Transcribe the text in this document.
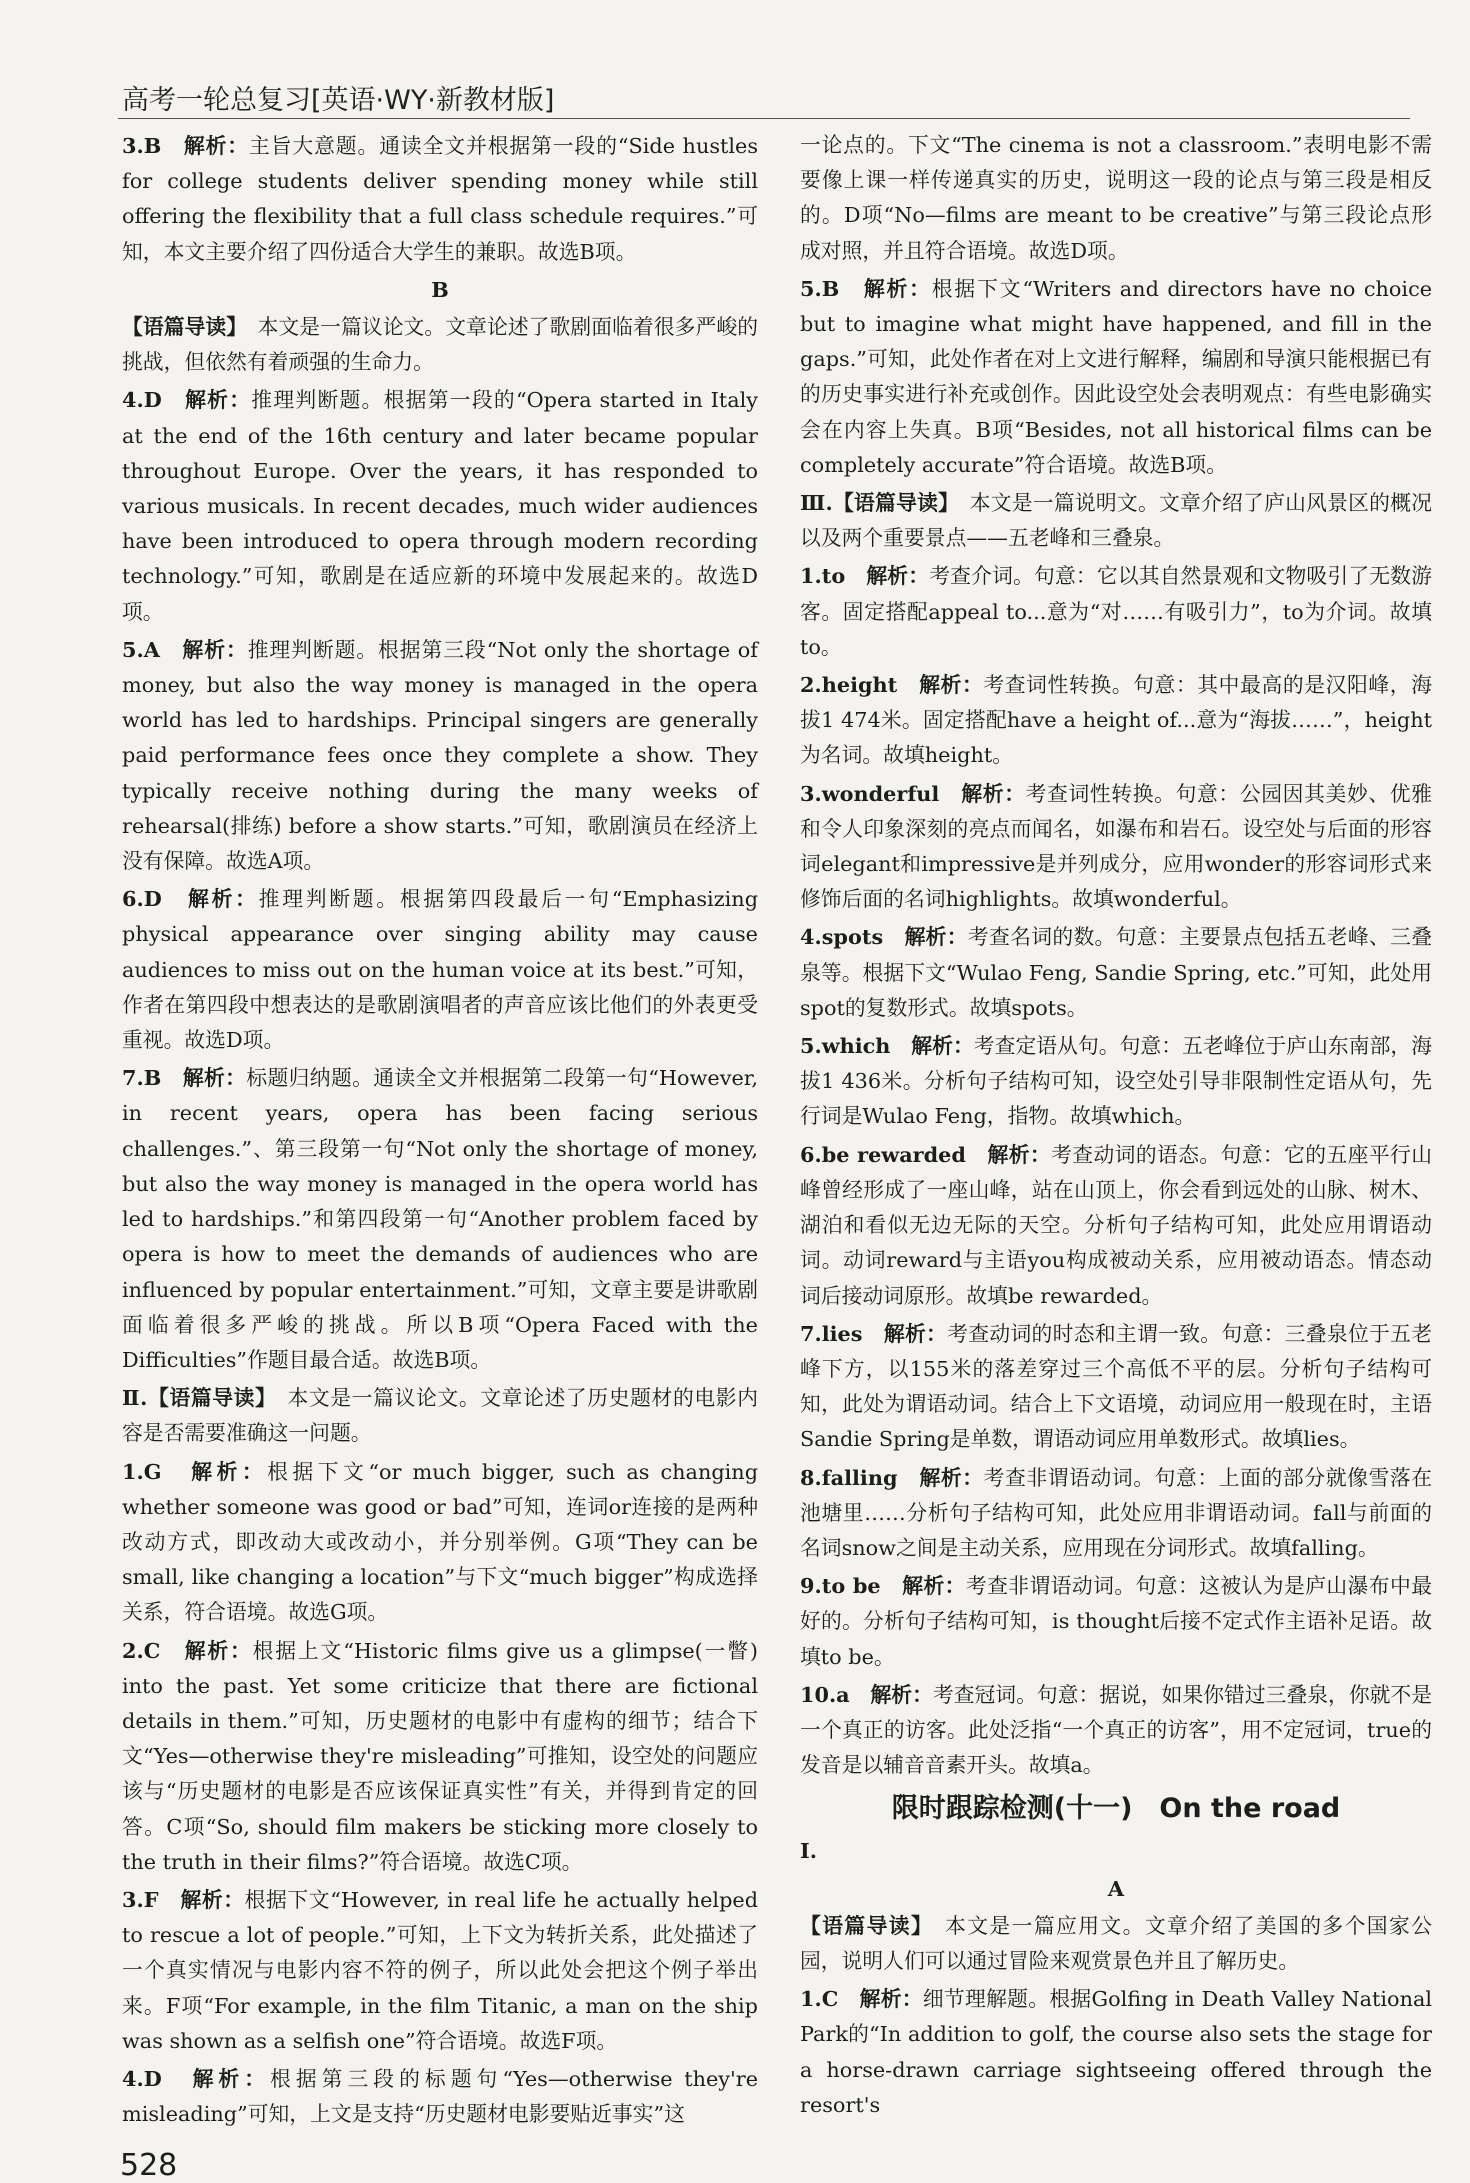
高考一轮总复习[英语·WY·新教材版]
3.B　 解析：主旨大意题。通读全文并根据第一段的“Side hustles for college students deliver spending money while still offering the flexibility that a full class schedule requires.”可知，本文主要介绍了四份适合大学生的兼职。故选B项。
B
【语篇导读】　 本文是一篇议论文。文章论述了歌剧面临着很多严峻的挑战，但依然有着顽强的生命力。
4.D　 解析：推理判断题。根据第一段的“Opera started in Italy at the end of the 16th century and later became popular throughout Europe. Over the years, it has responded to various musicals. In recent decades, much wider audiences have been introduced to opera through modern recording technology.”可知，歌剧是在适应新的环境中发展起来的。故选D项。
5.A　 解析：推理判断题。根据第三段“Not only the shortage of money, but also the way money is managed in the opera world has led to hardships. Principal singers are generally paid performance fees once they complete a show. They typically receive nothing during the many weeks of rehearsal(排练) before a show starts.”可知，歌剧演员在经济上没有保障。故选A项。
6.D　 解析：推理判断题。根据第四段最后一句“Emphasizing physical appearance over singing ability may cause audiences to miss out on the human voice at its best.”可知，作者在第四段中想表达的是歌剧演唱者的声音应该比他们的外表更受重视。故选D项。
7.B　 解析：标题归纳题。通读全文并根据第二段第一句“However, in recent years, opera has been facing serious challenges.”、第三段第一句“Not only the shortage of money, but also the way money is managed in the opera world has led to hardships.”和第四段第一句“Another problem faced by opera is how to meet the demands of audiences who are influenced by popular entertainment.”可知，文章主要是讲歌剧面临着很多严峻的挑战。所以B项“Opera Faced with the Difficulties”作题目最合适。故选B项。
Ⅱ.【语篇导读】　 本文是一篇议论文。文章论述了历史题材的电影内容是否需要准确这一问题。
1.G　 解析：根据下文“or much bigger, such as changing whether someone was good or bad”可知，连词or连接的是两种改动方式，即改动大或改动小，并分别举例。G项“They can be small, like changing a location”与下文“much bigger”构成选择关系，符合语境。故选G项。
2.C　 解析：根据上文“Historic films give us a glimpse(一瞥) into the past. Yet some criticize that there are fictional details in them.”可知，历史题材的电影中有虚构的细节；结合下文“Yes—otherwise they're misleading”可推知，设空处的问题应该与“历史题材的电影是否应该保证真实性”有关，并得到肯定的回答。C项“So, should film makers be sticking more closely to the truth in their films?”符合语境。故选C项。
3.F　 解析：根据下文“However, in real life he actually helped to rescue a lot of people.”可知，上下文为转折关系，此处描述了一个真实情况与电影内容不符的例子，所以此处会把这个例子举出来。F项“For example, in the film Titanic, a man on the ship was shown as a selfish one”符合语境。故选F项。
4.D　 解析：根据第三段的标题句“Yes—otherwise they're misleading”可知，上文是支持“历史题材电影要贴近事实”这
一论点的。下文“The cinema is not a classroom.”表明电影不需要像上课一样传递真实的历史，说明这一段的论点与第三段是相反的。D项“No—films are meant to be creative”与第三段论点形成对照，并且符合语境。故选D项。
5.B　 解析：根据下文“Writers and directors have no choice but to imagine what might have happened, and fill in the gaps.”可知，此处作者在对上文进行解释，编剧和导演只能根据已有的历史事实进行补充或创作。因此设空处会表明观点：有些电影确实会在内容上失真。B项“Besides, not all historical films can be completely accurate”符合语境。故选B项。
Ⅲ.【语篇导读】　 本文是一篇说明文。文章介绍了庐山风景区的概况以及两个重要景点——五老峰和三叠泉。
1.to　 解析：考查介词。句意：它以其自然景观和文物吸引了无数游客。固定搭配appeal to...意为“对……有吸引力”，to为介词。故填to。
2.height　 解析：考查词性转换。句意：其中最高的是汉阳峰，海拔1 474米。固定搭配have a height of...意为“海拔……”，height为名词。故填height。
3.wonderful　 解析：考查词性转换。句意：公园因其美妙、优雅和令人印象深刻的亮点而闻名，如瀑布和岩石。设空处与后面的形容词elegant和impressive是并列成分，应用wonder的形容词形式来修饰后面的名词highlights。故填wonderful。
4.spots　 解析：考查名词的数。句意：主要景点包括五老峰、三叠泉等。根据下文“Wulao Feng, Sandie Spring, etc.”可知，此处用spot的复数形式。故填spots。
5.which　 解析：考查定语从句。句意：五老峰位于庐山东南部，海拔1 436米。分析句子结构可知，设空处引导非限制性定语从句，先行词是Wulao Feng，指物。故填which。
6.be rewarded　 解析：考查动词的语态。句意：它的五座平行山峰曾经形成了一座山峰，站在山顶上，你会看到远处的山脉、树木、湖泊和看似无边无际的天空。分析句子结构可知，此处应用谓语动词。动词reward与主语you构成被动关系，应用被动语态。情态动词后接动词原形。故填be rewarded。
7.lies　 解析：考查动词的时态和主谓一致。句意：三叠泉位于五老峰下方，以155米的落差穿过三个高低不平的层。分析句子结构可知，此处为谓语动词。结合上下文语境，动词应用一般现在时，主语Sandie Spring是单数，谓语动词应用单数形式。故填lies。
8.falling　 解析：考查非谓语动词。句意：上面的部分就像雪落在池塘里……分析句子结构可知，此处应用非谓语动词。fall与前面的名词snow之间是主动关系，应用现在分词形式。故填falling。
9.to be　 解析：考查非谓语动词。句意：这被认为是庐山瀑布中最好的。分析句子结构可知，is thought后接不定式作主语补足语。故填to be。
10.a　 解析：考查冠词。句意：据说，如果你错过三叠泉，你就不是一个真正的访客。此处泛指“一个真正的访客”，用不定冠词，true的发音是以辅音音素开头。故填a。
限时跟踪检测(十一)　On the road
Ⅰ.
A
【语篇导读】　 本文是一篇应用文。文章介绍了美国的多个国家公园，说明人们可以通过冒险来观赏景色并且了解历史。
1.C　 解析：细节理解题。根据Golfing in Death Valley National Park的“In addition to golf, the course also sets the stage for a horse-drawn carriage sightseeing offered through the resort's
528
